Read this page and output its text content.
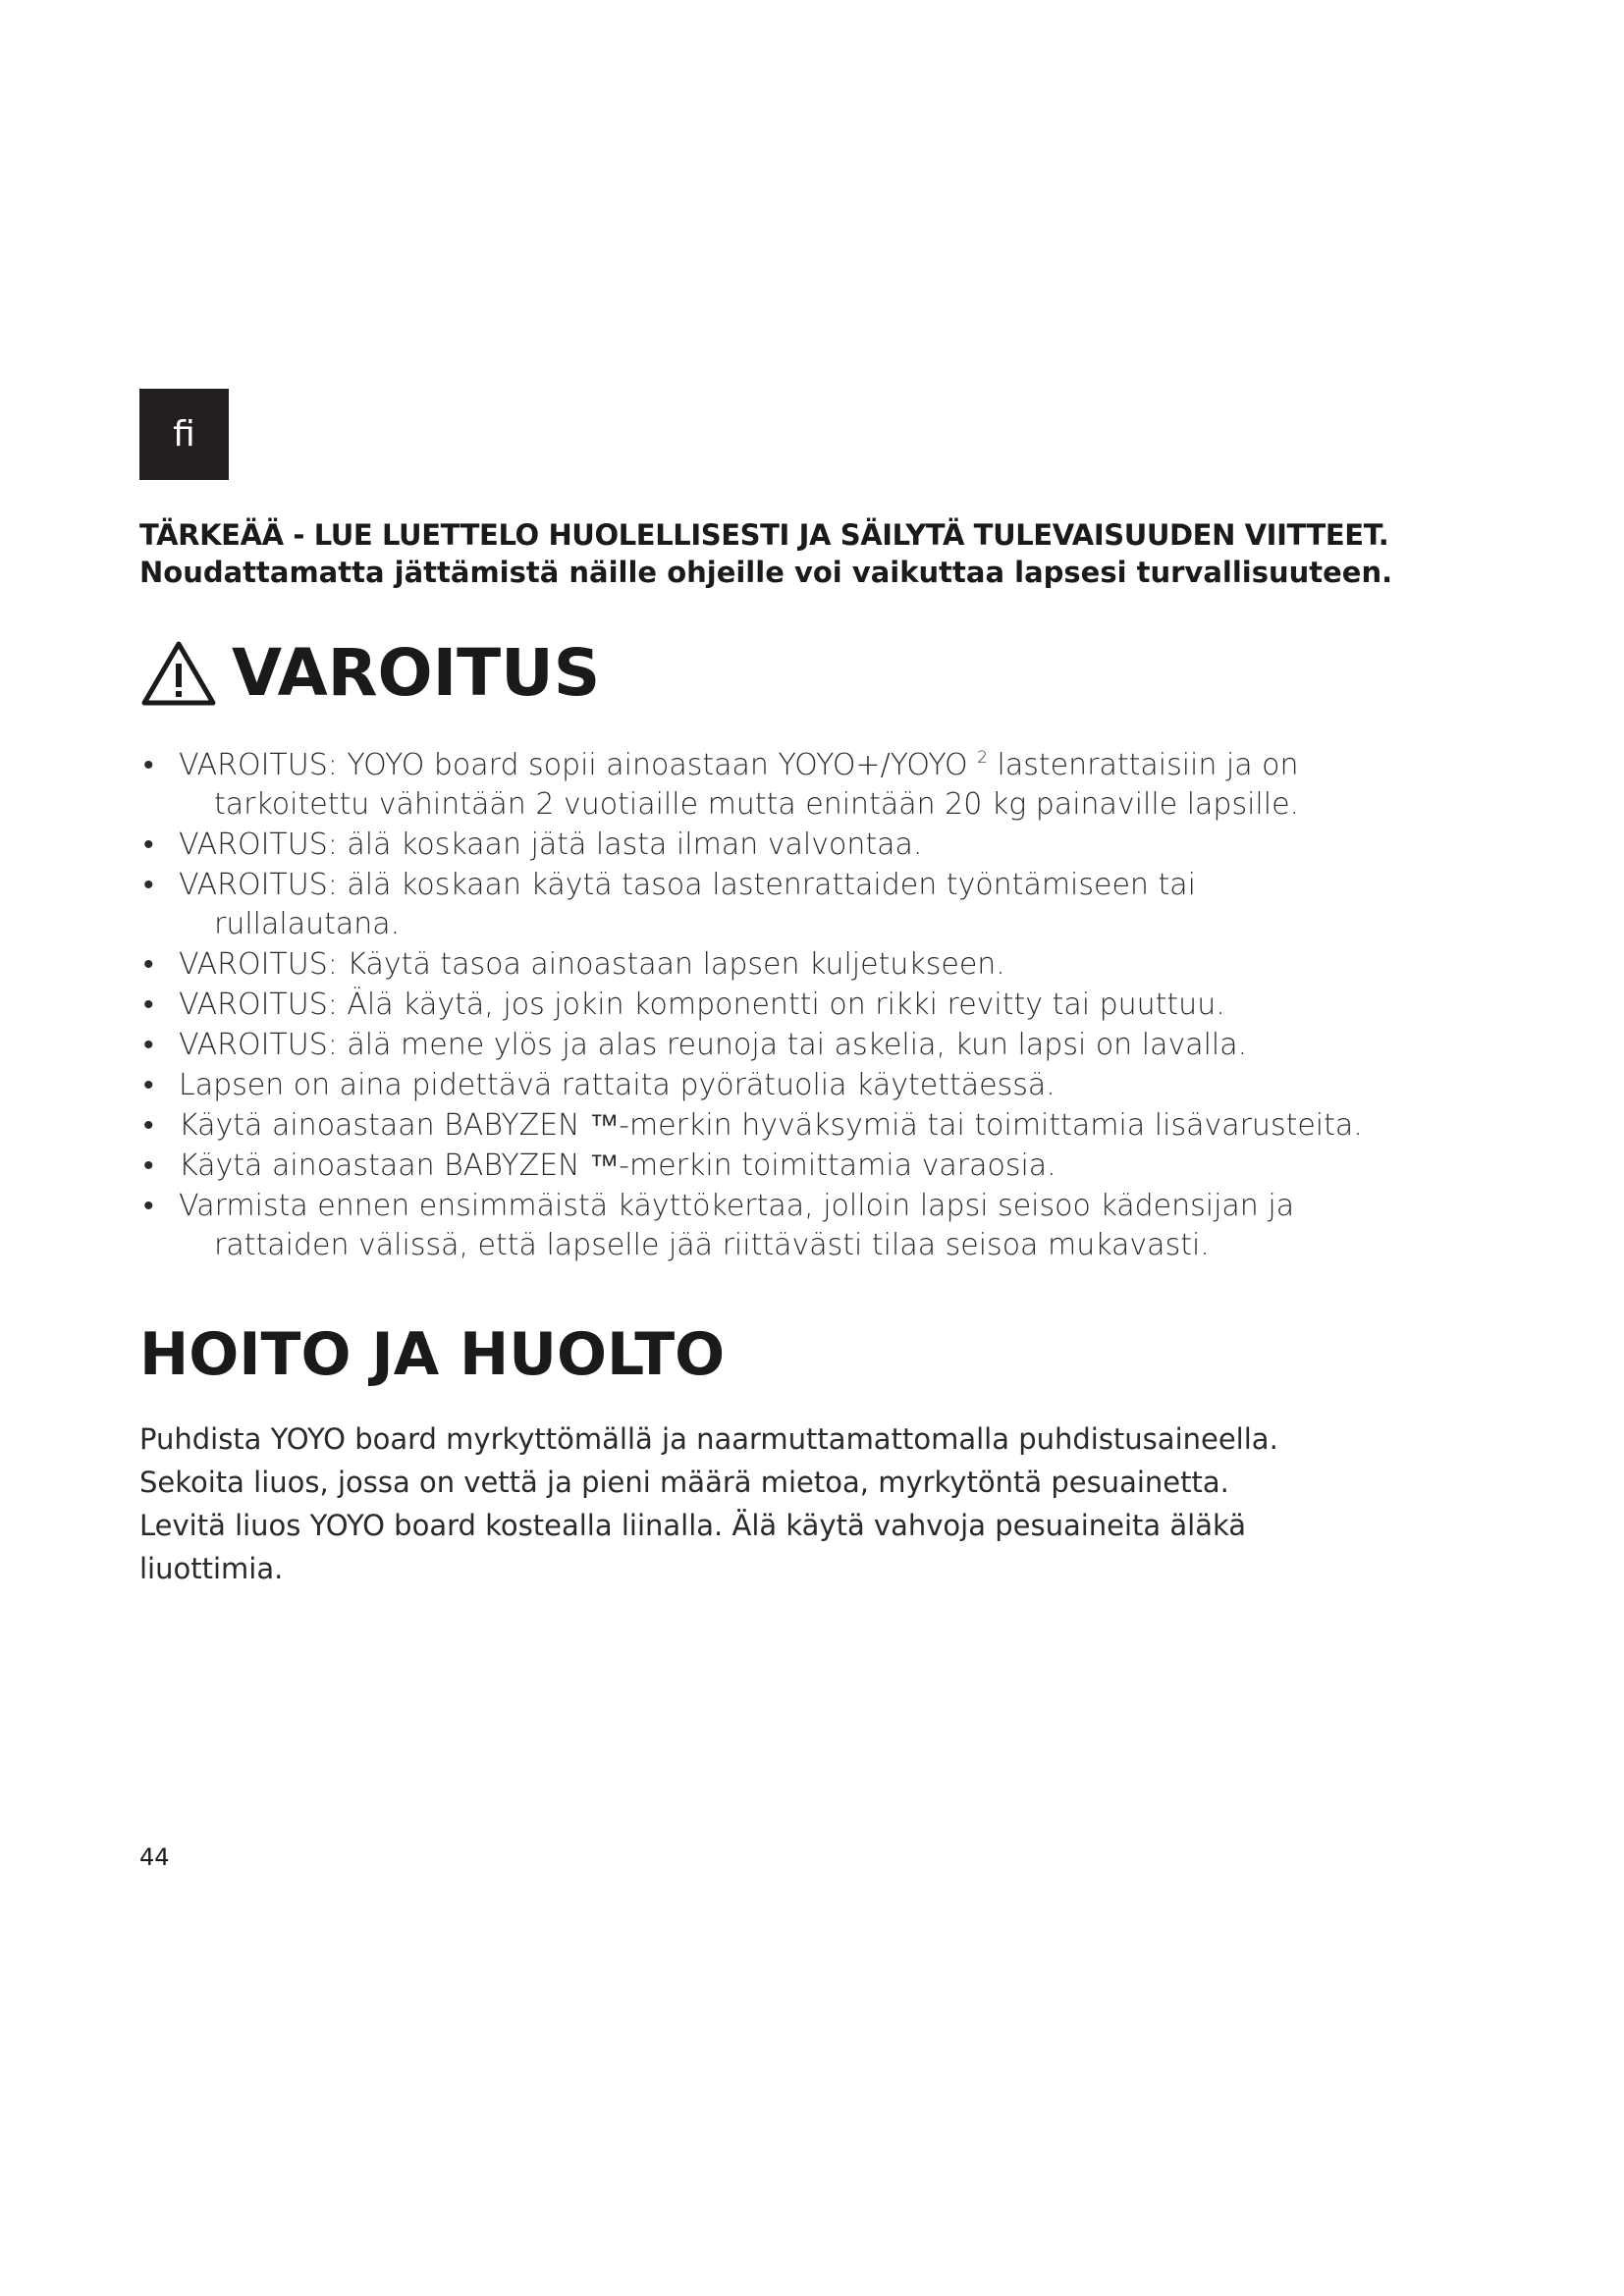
fi
TÄRKEÄÄ - LUE LUETTELO HUOLELLISESTI JA SÄILYTÄ TULEVAISUUDEN VIITTEET.
Noudattamatta jättämistä näille ohjeille voi vaikuttaa lapsesi turvallisuuteen.
VAROITUS
• VAROITUS: YOYO board sopii ainoastaan YOYO+/YOYO $^2$ lastenrattaisiin ja on
tarkoitettu vähintään 2 vuotiaille mutta enintään 20 kg painaville lapsille.
• VAROITUS: älä koskaan jätä lasta ilman valvontaa.
• VAROITUS: älä koskaan käytä tasoa lastenrattaiden työntämiseen tai
rullalautana.
• VAROITUS: Käytä tasoa ainoastaan lapsen kuljetukseen.
• VAROITUS: Älä käytä, jos jokin komponentti on rikki revitty tai puuttuu.
• VAROITUS: älä mene ylös ja alas reunoja tai askelia, kun lapsi on lavalla.
• Lapsen on aina pidettävä rattaita pyörätuolia käytettäessä.
• Käytä ainoastaan BABYZEN ™-merkin hyväksymiä tai toimittamia lisävarusteita.
• Käytä ainoastaan BABYZEN ™-merkin toimittamia varaosia.
• Varmista ennen ensimmäistä käyttökertaa, jolloin lapsi seisoo kädensijan ja
rattaiden välissä, että lapselle jää riittävästi tilaa seisoa mukavasti.
HOITO JA HUOLTO
Puhdista YOYO board myrkyttömällä ja naarmuttamattomalla puhdistusaineella.
Sekoita liuos, jossa on vettä ja pieni määrä mietoa, myrkytöntä pesuainetta.
Levitä liuos YOYO board kostealla liinalla. Älä käytä vahvoja pesuaineita äläkä
liuottimia.
44
